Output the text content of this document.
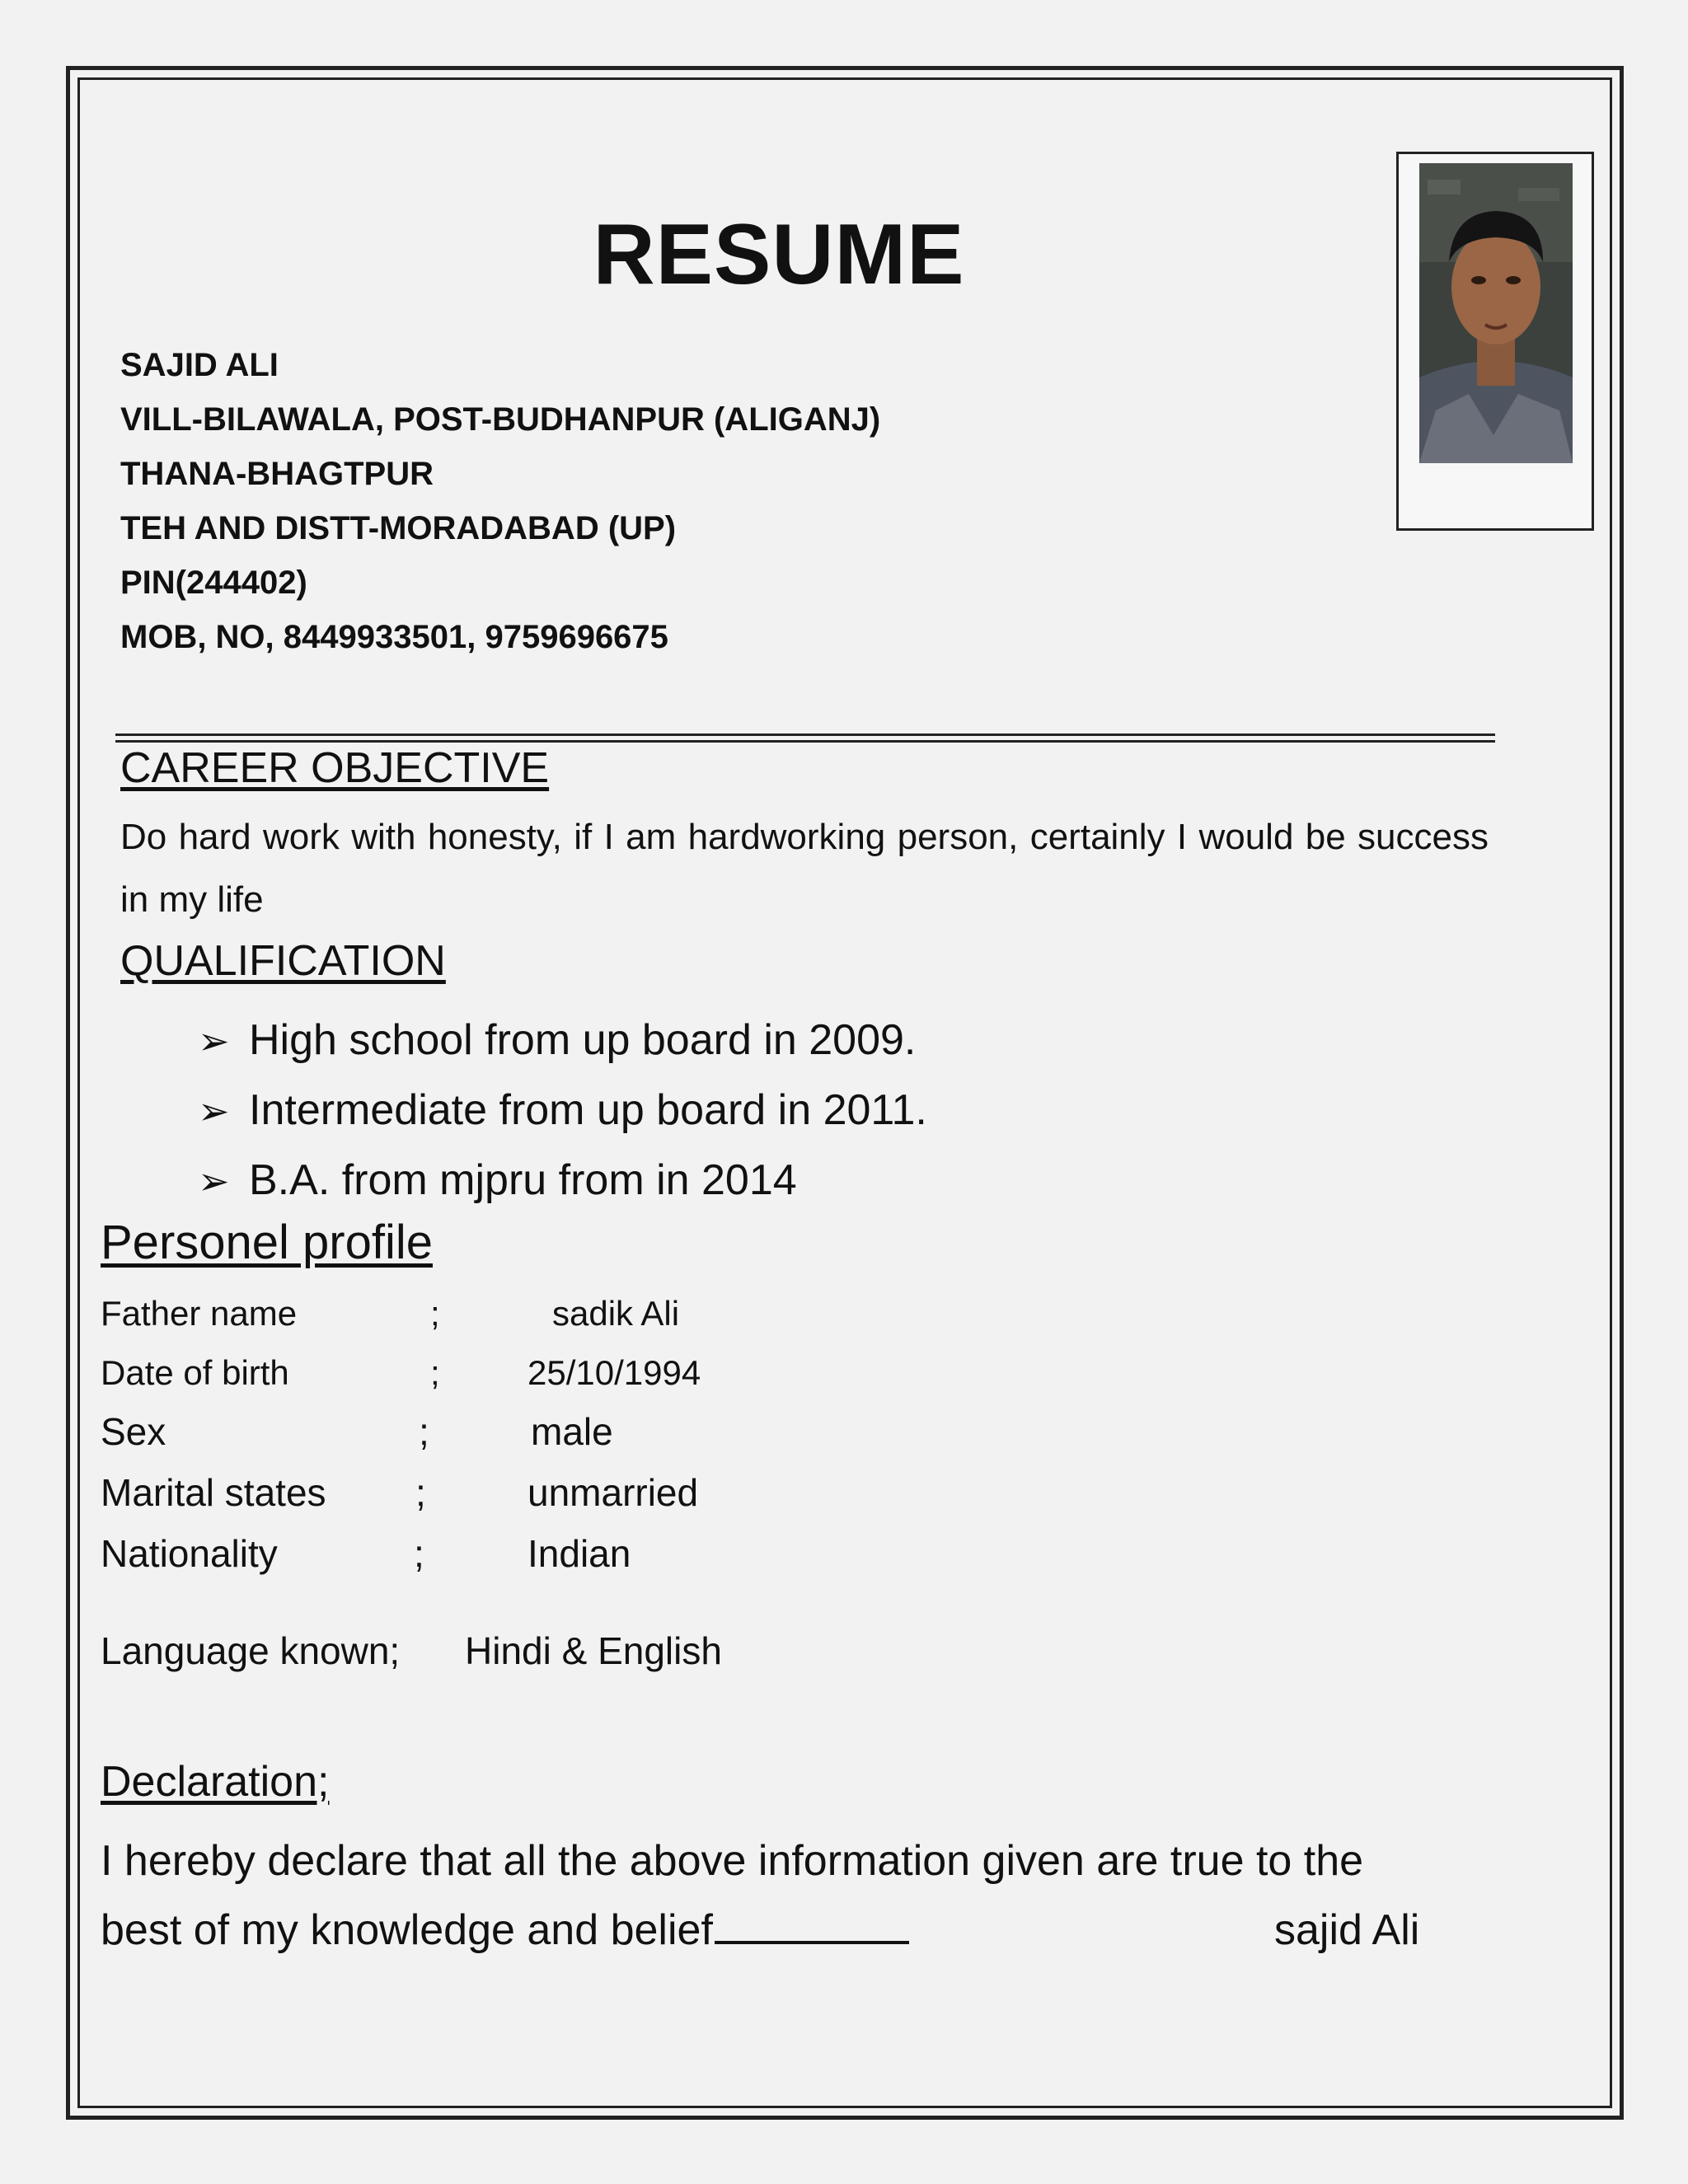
RESUME
SAJID ALI
VILL-BILAWALA, POST-BUDHANPUR (ALIGANJ)
THANA-BHAGTPUR
TEH AND DISTT-MORADABAD (UP)
PIN(244402)
MOB, NO, 8449933501, 9759696675
CAREER OBJECTIVE
Do hard work with honesty, if I am hardworking person, certainly I would be success in my life
QUALIFICATION
➢ High school from up board in 2009.
➢ Intermediate from up board in 2011.
➢ B.A. from mjpru from in 2014
Personel profile
Father name	;	sadik Ali
Date of birth	;	25/10/1994
Sex	;	male
Marital states ;	unmarried
Nationality	;	Indian
Language known; Hindi & English
Declaration;
I hereby declare that all the above information given are true to the
best of my knowledge and belief	sajid Ali
